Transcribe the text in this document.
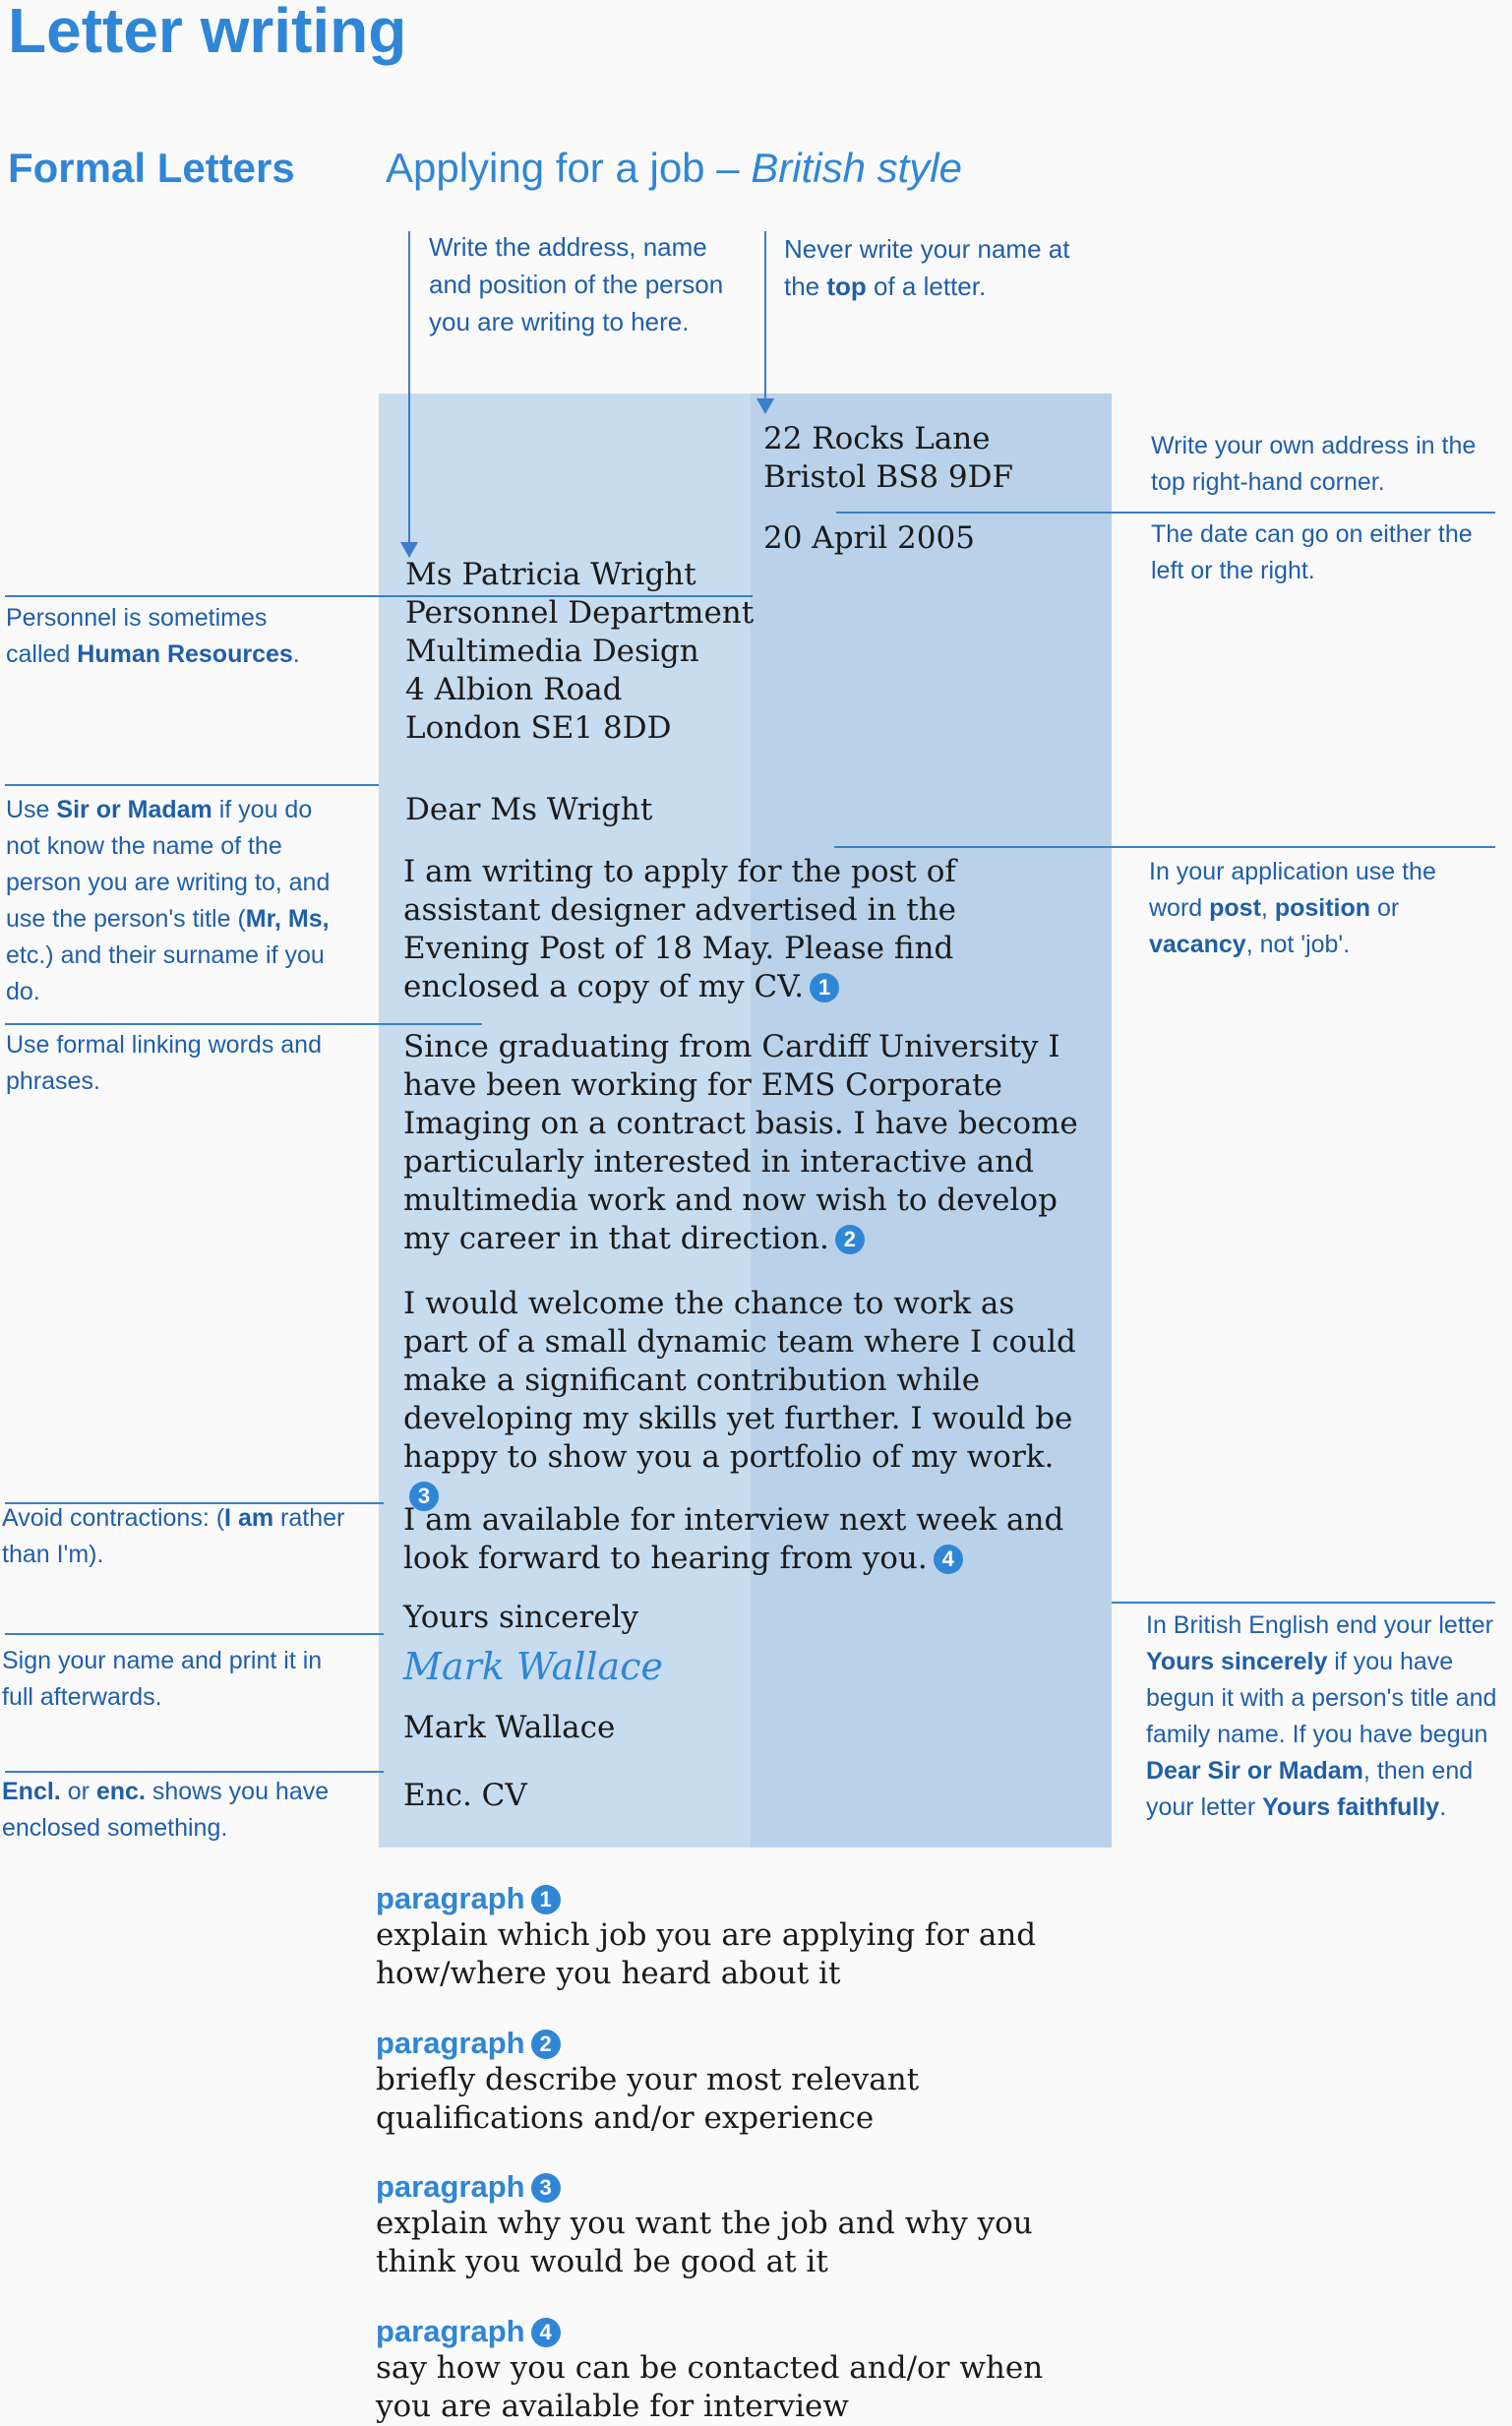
Letter writing
Formal Letters Applying for a job – British style
Write the address, name and position of the person you are writing to here.
Never write your name at the top of a letter.
Write your own address in the top right-hand corner.
The date can go on either the left or the right.
In your application use the word post, position or vacancy, not 'job'.
In British English end your letter Yours sincerely if you have begun it with a person's title and family name. If you have begun Dear Sir or Madam, then end your letter Yours faithfully.
Personnel is sometimes called Human Resources.
Use Sir or Madam if you do not know the name of the person you are writing to, and use the person's title (Mr, Ms, etc.) and their surname if you do.
Use formal linking words and phrases.
Avoid contractions: (I am rather than I'm).
Sign your name and print it in full afterwards.
Encl. or enc. shows you have enclosed something.
22 Rocks Lane
Bristol BS8 9DF
20 April 2005
Ms Patricia Wright
Personnel Department
Multimedia Design
4 Albion Road
London SE1 8DD
Dear Ms Wright
I am writing to apply for the post of assistant designer advertised in the Evening Post of 18 May. Please find enclosed a copy of my CV. 1
Since graduating from Cardiff University I have been working for EMS Corporate Imaging on a contract basis. I have become particularly interested in interactive and multimedia work and now wish to develop my career in that direction. 2
I would welcome the chance to work as part of a small dynamic team where I could make a significant contribution while developing my skills yet further. I would be happy to show you a portfolio of my work.3
I am available for interview next week and look forward to hearing from you. 4
Yours sincerely
Mark Wallace
Mark Wallace
Enc. CV
paragraph 1
explain which job you are applying for and how/where you heard about it
paragraph 2
briefly describe your most relevant qualifications and/or experience
paragraph 3
explain why you want the job and why you think you would be good at it
paragraph 4
say how you can be contacted and/or when you are available for interview
